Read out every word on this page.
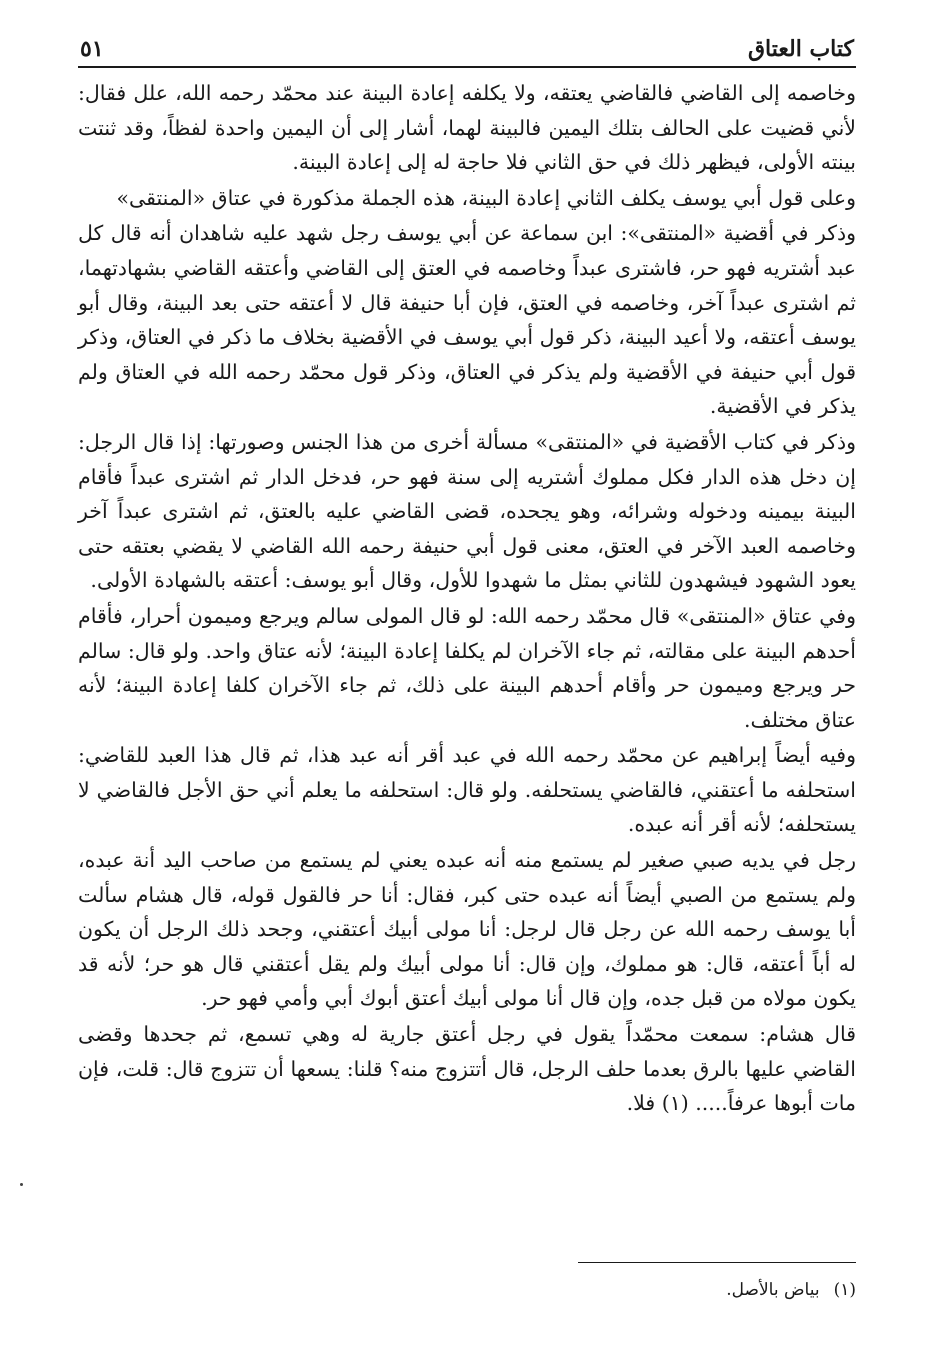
كتاب العتاق
٥١

وخاصمه إلى القاضي فالقاضي يعتقه، ولا يكلفه إعادة البينة عند محمّد رحمه الله، علل فقال: لأني قضيت على الحالف بتلك اليمين فالبينة لهما، أشار إلى أن اليمين واحدة لفظاً، وقد ثنتت بينته الأولى، فيظهر ذلك في حق الثاني فلا حاجة له إلى إعادة البينة.

وعلى قول أبي يوسف يكلف الثاني إعادة البينة، هذه الجملة مذكورة في عتاق «المنتقى»

وذكر في أقضية «المنتقى»: ابن سماعة عن أبي يوسف رجل شهد عليه شاهدان أنه قال كل عبد أشتريه فهو حر، فاشترى عبداً وخاصمه في العتق إلى القاضي وأعتقه القاضي بشهادتهما، ثم اشترى عبداً آخر، وخاصمه في العتق، فإن أبا حنيفة قال لا أعتقه حتى بعد البينة، وقال أبو يوسف أعتقه، ولا أعيد البينة، ذكر قول أبي يوسف في الأقضية بخلاف ما ذكر في العتاق، وذكر قول أبي حنيفة في الأقضية ولم يذكر في العتاق، وذكر قول محمّد رحمه الله في العتاق ولم يذكر في الأقضية.

وذكر في كتاب الأقضية في «المنتقى» مسألة أخرى من هذا الجنس وصورتها: إذا قال الرجل: إن دخل هذه الدار فكل مملوك أشتريه إلى سنة فهو حر، فدخل الدار ثم اشترى عبداً فأقام البينة بيمينه ودخوله وشرائه، وهو يجحده، قضى القاضي عليه بالعتق، ثم اشترى عبداً آخر وخاصمه العبد الآخر في العتق، معنى قول أبي حنيفة رحمه الله القاضي لا يقضي بعتقه حتى يعود الشهود فيشهدون للثاني بمثل ما شهدوا للأول، وقال أبو يوسف: أعتقه بالشهادة الأولى.

وفي عتاق «المنتقى» قال محمّد رحمه الله: لو قال المولى سالم ويرجع وميمون أحرار، فأقام أحدهم البينة على مقالته، ثم جاء الآخران لم يكلفا إعادة البينة؛ لأنه عتاق واحد. ولو قال: سالم حر ويرجع وميمون حر وأقام أحدهم البينة على ذلك، ثم جاء الآخران كلفا إعادة البينة؛ لأنه عتاق مختلف.

وفيه أيضاً إبراهيم عن محمّد رحمه الله في عبد أقر أنه عبد هذا، ثم قال هذا العبد للقاضي: استحلفه ما أعتقني، فالقاضي يستحلفه. ولو قال: استحلفه ما يعلم أني حق الأجل فالقاضي لا يستحلفه؛ لأنه أقر أنه عبده.

رجل في يديه صبي صغير لم يستمع منه أنه عبده يعني لم يستمع من صاحب اليد أنة عبده، ولم يستمع من الصبي أيضاً أنه عبده حتى كبر، فقال: أنا حر فالقول قوله، قال هشام سألت أبا يوسف رحمه الله عن رجل قال لرجل: أنا مولى أبيك أعتقني، وجحد ذلك الرجل أن يكون له أباً أعتقه، قال: هو مملوك، وإن قال: أنا مولى أبيك ولم يقل أعتقني قال هو حر؛ لأنه قد يكون مولاه من قبل جده، وإن قال أنا مولى أبيك أعتق أبوك أبي وأمي فهو حر.

قال هشام: سمعت محمّداً يقول في رجل أعتق جارية له وهي تسمع، ثم جحدها وقضى القاضي عليها بالرق بعدما حلف الرجل، قال أتتزوج منه؟ قلنا: يسعها أن تتزوج قال: قلت، فإن مات أبوها عرفاً..... (١) فلا.

(١)بياض بالأصل.
